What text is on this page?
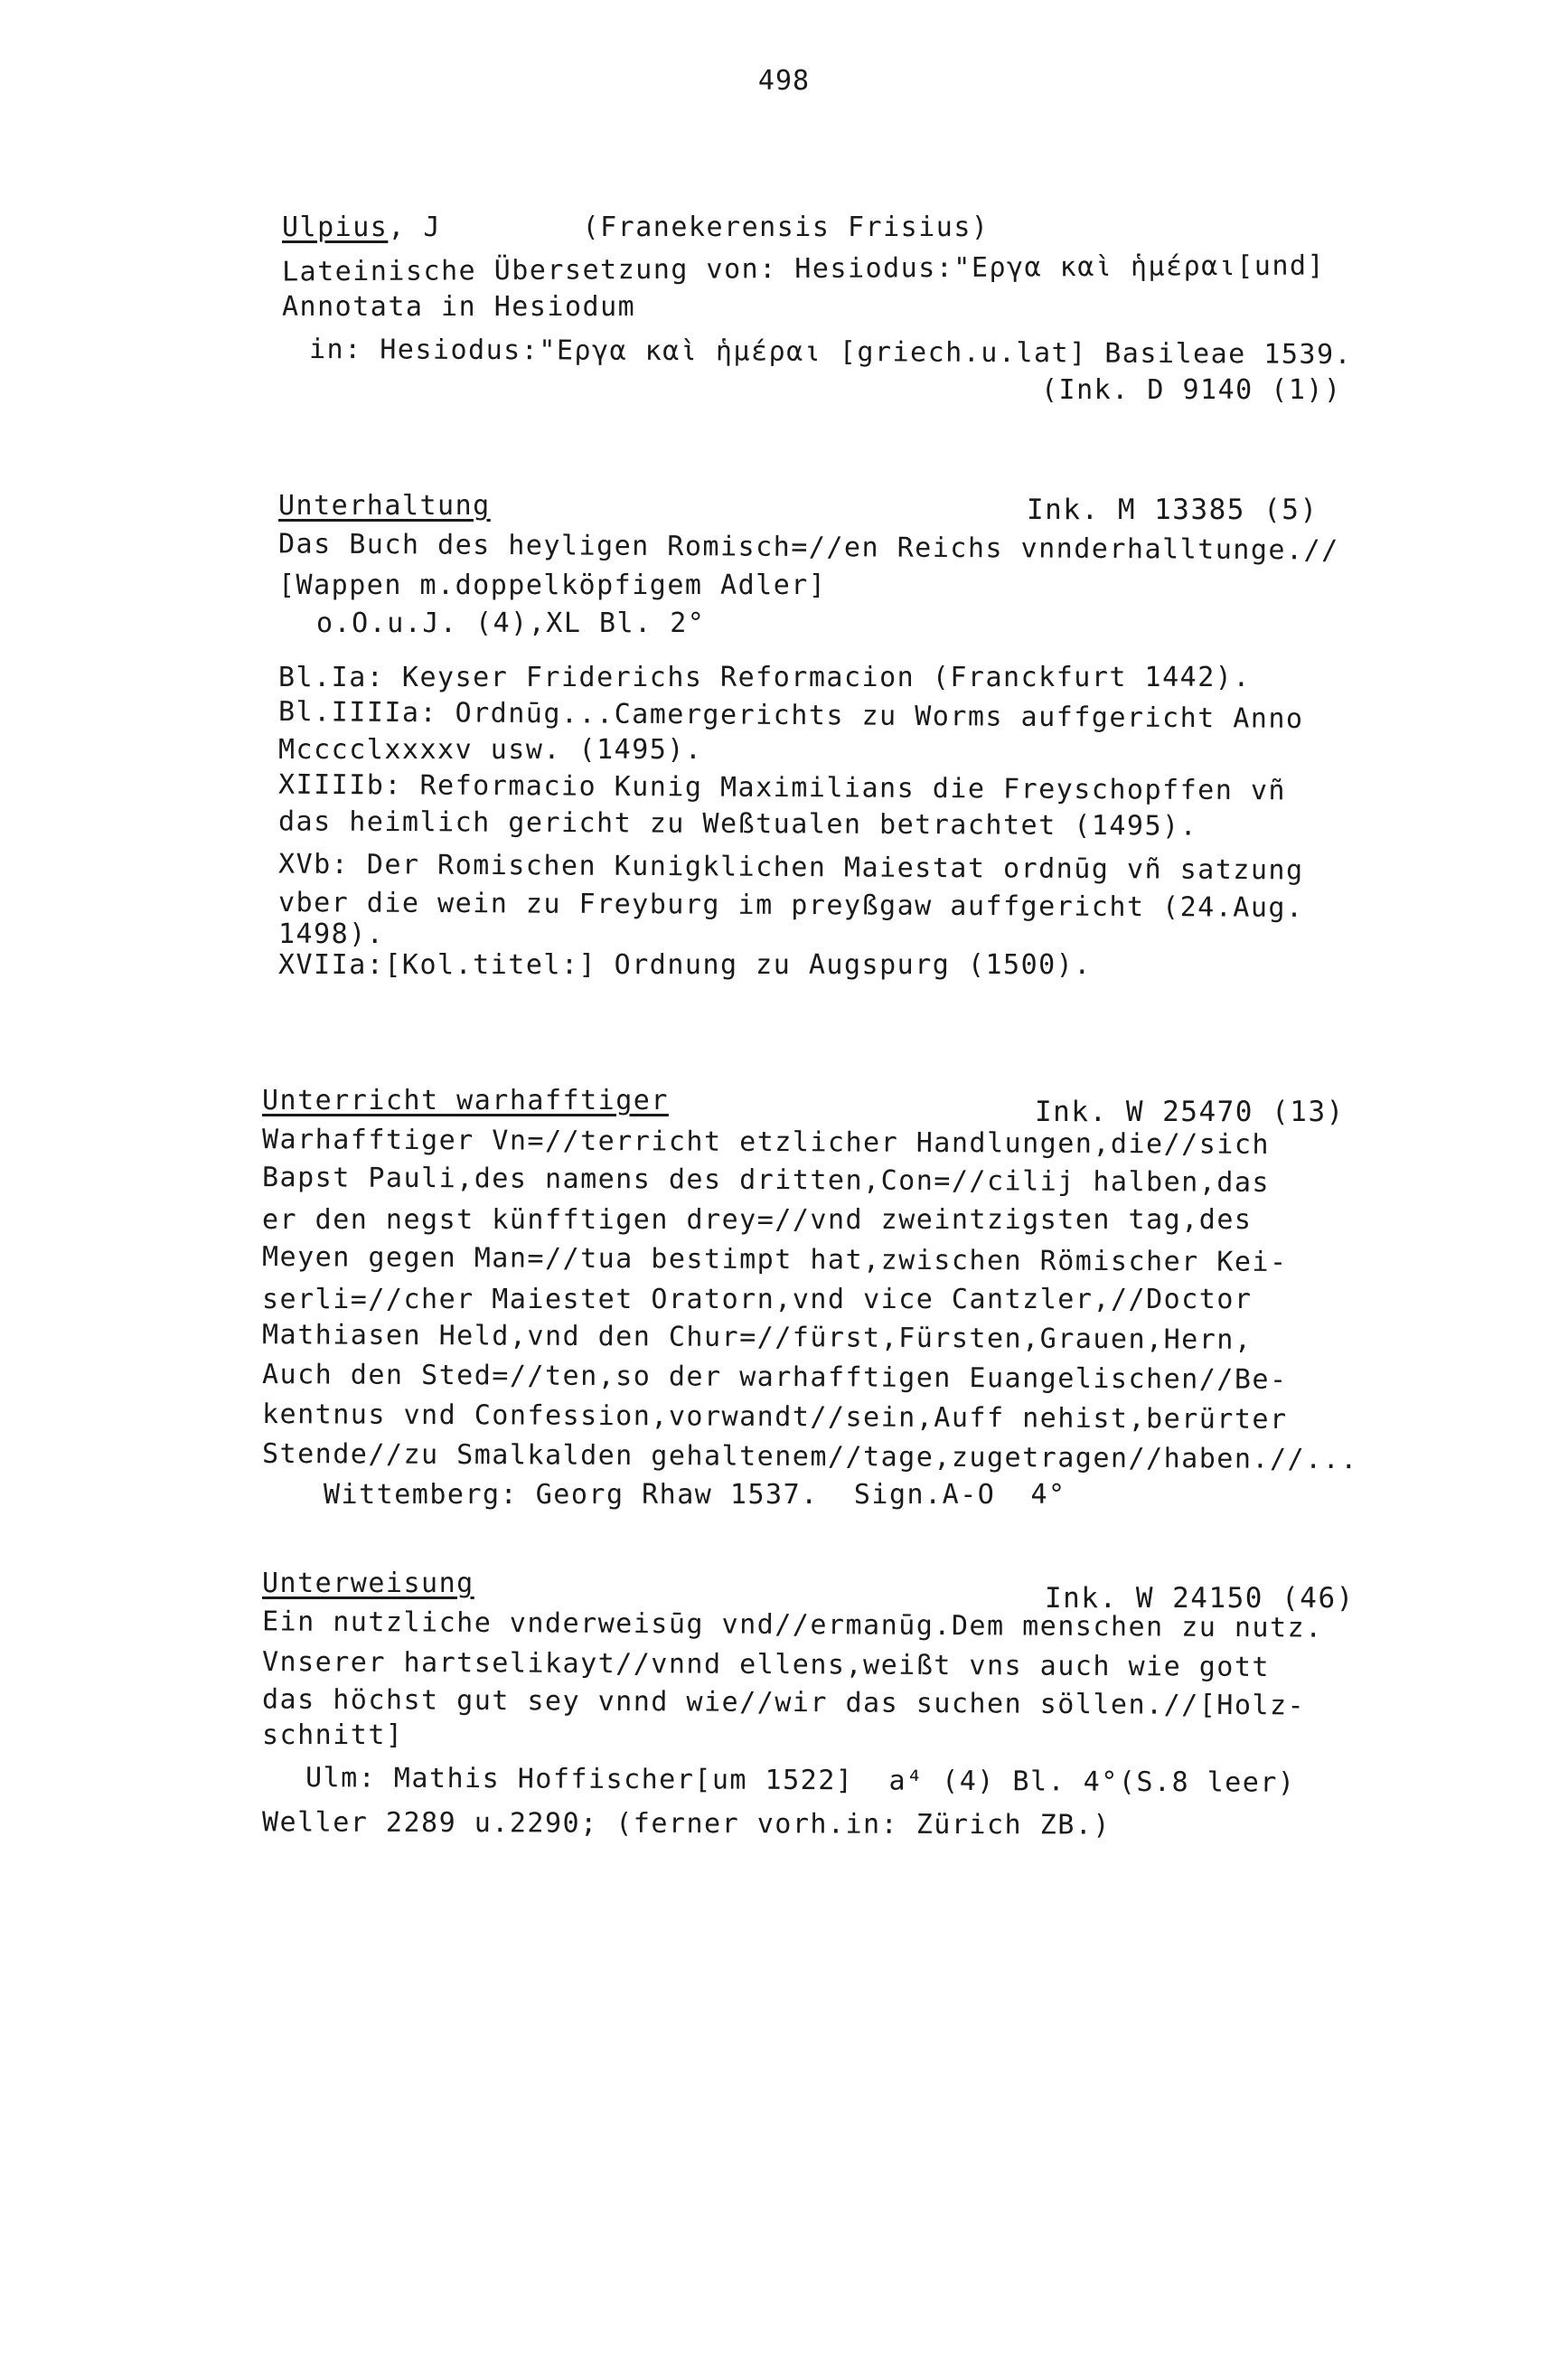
498
Ulpius, J        (Franekerensis Frisius)
Lateinische Übersetzung von: Hesiodus:"Εργα καὶ ἡμέραι[und]
Annotata in Hesiodum
in: Hesiodus:"Εργα καὶ ἡμέραι [griech.u.lat] Basileae 1539.
(Ink. D 9140 (1))
Unterhaltung	Ink. M 13385 (5)
Das Buch des heyligen Romisch=//en Reichs vnnderhalltunge.//
[Wappen m.doppelköpfigem Adler]
o.O.u.J. (4),XL Bl. 2°
Bl.Ia: Keyser Friderichs Reformacion (Franckfurt 1442).
Bl.IIIIa: Ordnūg...Camergerichts zu Worms auffgericht Anno
Mcccclxxxxv usw. (1495).
XIIIIb: Reformacio Kunig Maximilians die Freyschopffen vñ
das heimlich gericht zu Weßtualen betrachtet (1495).
XVb: Der Romischen Kunigklichen Maiestat ordnūg vñ satzung
vber die wein zu Freyburg im preyßgaw auffgericht (24.Aug.
1498).
XVIIa:[Kol.titel:] Ordnung zu Augspurg (1500).
Unterricht warhafftiger	Ink. W 25470 (13)
Warhafftiger Vn=//terricht etzlicher Handlungen,die//sich
Bapst Pauli,des namens des dritten,Con=//cilij halben,das
er den negst künfftigen drey=//vnd zweintzigsten tag,des
Meyen gegen Man=//tua bestimpt hat,zwischen Römischer Kei-
serli=//cher Maiestet Oratorn,vnd vice Cantzler,//Doctor
Mathiasen Held,vnd den Chur=//fürst,Fürsten,Grauen,Hern,
Auch den Sted=//ten,so der warhafftigen Euangelischen//Be-
kentnus vnd Confession,vorwandt//sein,Auff nehist,berürter
Stende//zu Smalkalden gehaltenem//tage,zugetragen//haben.//...
Wittemberg: Georg Rhaw 1537.  Sign.A-O  4°
Unterweisung	Ink. W 24150 (46)
Ein nutzliche vnderweisūg vnd//ermanūg.Dem menschen zu nutz.
Vnserer hartselikayt//vnnd ellens,weißt vns auch wie gott
das höchst gut sey vnnd wie//wir das suchen söllen.//[Holz-
schnitt]
Ulm: Mathis Hoffischer[um 1522]  a⁴ (4) Bl. 4°(S.8 leer)
Weller 2289 u.2290; (ferner vorh.in: Zürich ZB.)
